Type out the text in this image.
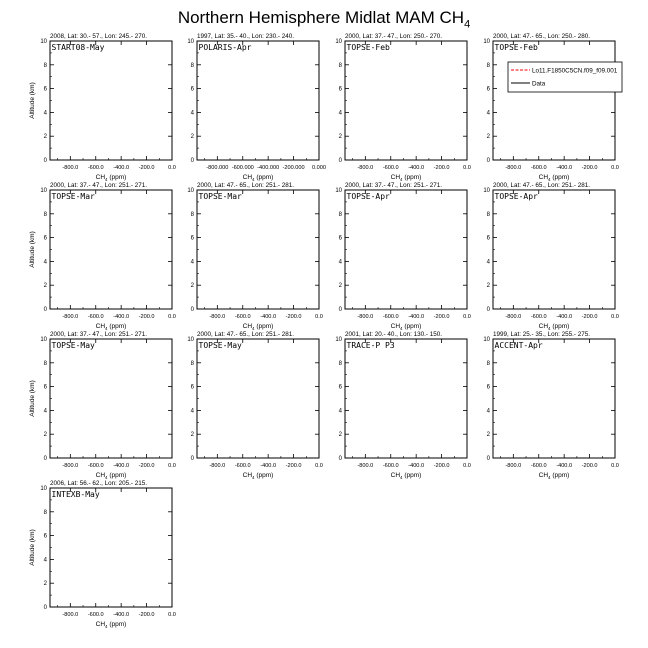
Northern Hemisphere Midlat MAM $CH_4$
2008, Lat: 30.- 57., Lon: 245.- 270.
START08-May
0
2
4
6
8
10
-800.0 -600.0 -400.0 -200.0 0.0
$CH_4$ (ppm)
Altitude (km)
1997, Lat: 35.- 40., Lon: 230.- 240.
POLARIS-Apr
0
2
4
6
8
10
-800.000 -600.000 -400.000 -200.000 0.000
$CH_4$ (ppm)
2000, Lat: 37.- 47., Lon: 250.- 270.
TOPSE-Feb
0
2
4
6
8
10
-800.0 -600.0 -400.0 -200.0 0.0
$CH_4$ (ppm)
2000, Lat: 47.- 65., Lon: 250.- 280.
TOPSE-Feb
0
2
4
6
8
10
-800.0 -600.0 -400.0 -200.0 0.0
$CH_4$ (ppm)
Lo11.F1850C5CN.f09_f09.001
Data
2000, Lat: 37.- 47., Lon: 251.- 271.
TOPSE-Mar
0
2
4
6
8
10
-800.0 -600.0 -400.0 -200.0 0.0
$CH_4$ (ppm)
Altitude (km)
2000, Lat: 47.- 65., Lon: 251.- 281.
TOPSE-Mar
0
2
4
6
8
10
-800.0 -600.0 -400.0 -200.0 0.0
$CH_4$ (ppm)
2000, Lat: 37.- 47., Lon: 251.- 271.
TOPSE-Apr
0
2
4
6
8
10
-800.0 -600.0 -400.0 -200.0 0.0
$CH_4$ (ppm)
2000, Lat: 47.- 65., Lon: 251.- 281.
TOPSE-Apr
0
2
4
6
8
10
-800.0 -600.0 -400.0 -200.0 0.0
$CH_4$ (ppm)
2000, Lat: 37.- 47., Lon: 251.- 271.
TOPSE-May
0
2
4
6
8
10
-800.0 -600.0 -400.0 -200.0 0.0
$CH_4$ (ppm)
Altitude (km)
2000, Lat: 47.- 65., Lon: 251.- 281.
TOPSE-May
0
2
4
6
8
10
-800.0 -600.0 -400.0 -200.0 0.0
$CH_4$ (ppm)
2001, Lat: 20.- 40., Lon: 130.- 150.
TRACE-P P3
0
2
4
6
8
10
-800.0 -600.0 -400.0 -200.0 0.0
$CH_4$ (ppm)
1999, Lat: 25.- 35., Lon: 255.- 275.
ACCENT-Apr
0
2
4
6
8
10
-800.0 -600.0 -400.0 -200.0 0.0
$CH_4$ (ppm)
2006, Lat: 56.- 62., Lon: 205.- 215.
INTEXB-May
0
2
4
6
8
10
-800.0 -600.0 -400.0 -200.0 0.0
$CH_4$ (ppm)
Altitude (km)
